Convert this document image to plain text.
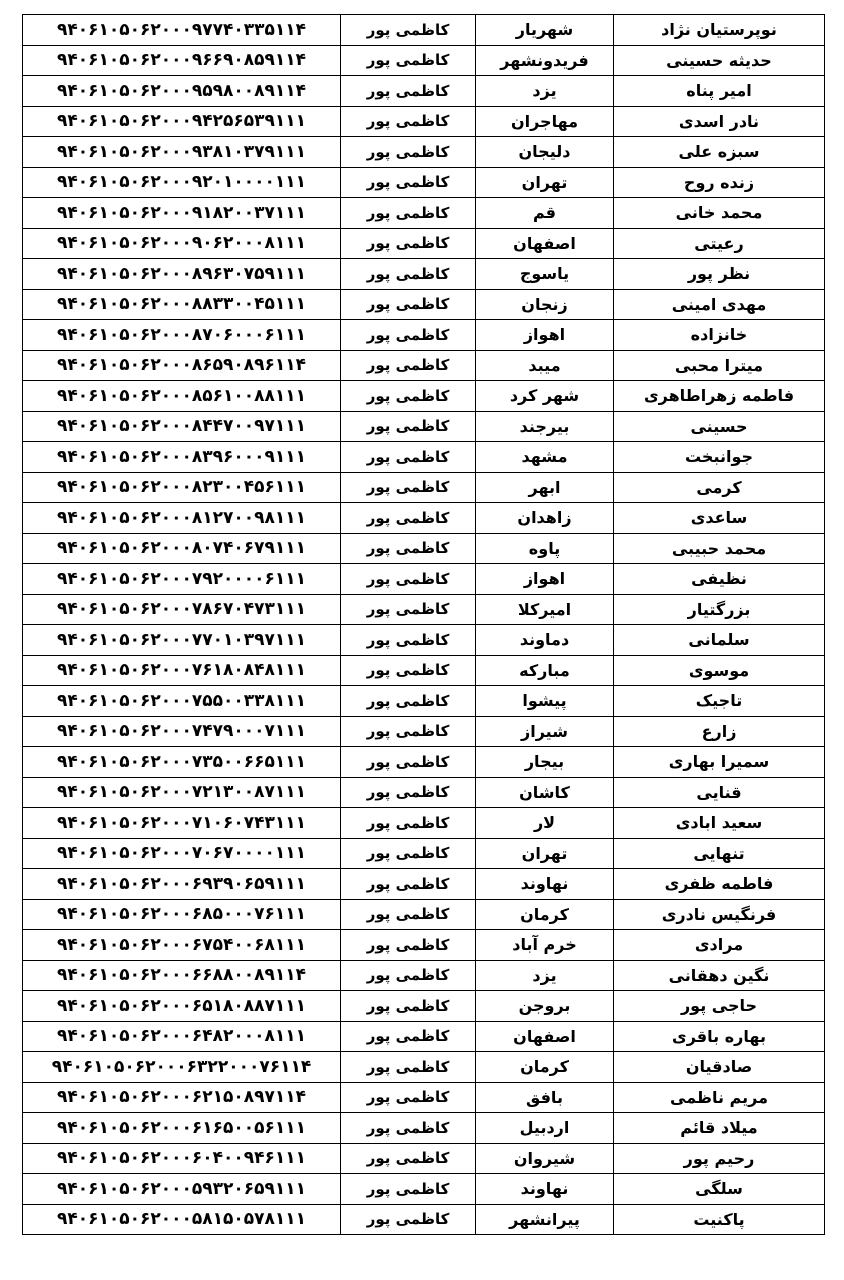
نوپرستیان نژاد	شهریار	کاظمی پور	۹۴۰۶۱۰۵۰۶۲۰۰۰۹۷۷۴۰۳۳۵۱۱۴
حدیثه حسینی	فریدونشهر	کاظمی پور	۹۴۰۶۱۰۵۰۶۲۰۰۰۹۶۶۹۰۸۵۹۱۱۴
امیر پناه	یزد	کاظمی پور	۹۴۰۶۱۰۵۰۶۲۰۰۰۹۵۹۸۰۰۸۹۱۱۴
نادر اسدی	مهاجران	کاظمی پور	۹۴۰۶۱۰۵۰۶۲۰۰۰۹۴۲۵۶۵۳۹۱۱۱
سبزه علی	دلیجان	کاظمی پور	۹۴۰۶۱۰۵۰۶۲۰۰۰۹۳۸۱۰۳۷۹۱۱۱
زنده روح	تهران	کاظمی پور	۹۴۰۶۱۰۵۰۶۲۰۰۰۹۲۰۱۰۰۰۰۱۱۱
محمد خانی	قم	کاظمی پور	۹۴۰۶۱۰۵۰۶۲۰۰۰۹۱۸۲۰۰۳۷۱۱۱
رعیتی	اصفهان	کاظمی پور	۹۴۰۶۱۰۵۰۶۲۰۰۰۹۰۶۲۰۰۰۸۱۱۱
نظر پور	یاسوج	کاظمی پور	۹۴۰۶۱۰۵۰۶۲۰۰۰۸۹۶۳۰۷۵۹۱۱۱
مهدی امینی	زنجان	کاظمی پور	۹۴۰۶۱۰۵۰۶۲۰۰۰۸۸۳۳۰۰۴۵۱۱۱
خانزاده	اهواز	کاظمی پور	۹۴۰۶۱۰۵۰۶۲۰۰۰۸۷۰۶۰۰۰۶۱۱۱
میترا محبی	میبد	کاظمی پور	۹۴۰۶۱۰۵۰۶۲۰۰۰۸۶۵۹۰۸۹۶۱۱۴
فاطمه زهراطاهری	شهر کرد	کاظمی پور	۹۴۰۶۱۰۵۰۶۲۰۰۰۸۵۶۱۰۰۸۸۱۱۱
حسینی	بیرجند	کاظمی پور	۹۴۰۶۱۰۵۰۶۲۰۰۰۸۴۴۷۰۰۹۷۱۱۱
جوانبخت	مشهد	کاظمی پور	۹۴۰۶۱۰۵۰۶۲۰۰۰۸۳۹۶۰۰۰۹۱۱۱
کرمی	ابهر	کاظمی پور	۹۴۰۶۱۰۵۰۶۲۰۰۰۸۲۳۰۰۴۵۶۱۱۱
ساعدی	زاهدان	کاظمی پور	۹۴۰۶۱۰۵۰۶۲۰۰۰۸۱۲۷۰۰۹۸۱۱۱
محمد حبیبی	پاوه	کاظمی پور	۹۴۰۶۱۰۵۰۶۲۰۰۰۸۰۷۴۰۶۷۹۱۱۱
نظیفی	اهواز	کاظمی پور	۹۴۰۶۱۰۵۰۶۲۰۰۰۷۹۲۰۰۰۰۶۱۱۱
بزرگتیار	امیرکلا	کاظمی پور	۹۴۰۶۱۰۵۰۶۲۰۰۰۷۸۶۷۰۴۷۳۱۱۱
سلمانی	دماوند	کاظمی پور	۹۴۰۶۱۰۵۰۶۲۰۰۰۷۷۰۱۰۳۹۷۱۱۱
موسوی	مبارکه	کاظمی پور	۹۴۰۶۱۰۵۰۶۲۰۰۰۷۶۱۸۰۸۴۸۱۱۱
تاجیک	پیشوا	کاظمی پور	۹۴۰۶۱۰۵۰۶۲۰۰۰۷۵۵۰۰۳۳۸۱۱۱
زارع	شیراز	کاظمی پور	۹۴۰۶۱۰۵۰۶۲۰۰۰۷۴۷۹۰۰۰۷۱۱۱
سمیرا بهاری	بیجار	کاظمی پور	۹۴۰۶۱۰۵۰۶۲۰۰۰۷۳۵۰۰۶۶۵۱۱۱
قنایی	کاشان	کاظمی پور	۹۴۰۶۱۰۵۰۶۲۰۰۰۷۲۱۳۰۰۸۷۱۱۱
سعید ابادی	لار	کاظمی پور	۹۴۰۶۱۰۵۰۶۲۰۰۰۷۱۰۶۰۷۴۳۱۱۱
تنهایی	تهران	کاظمی پور	۹۴۰۶۱۰۵۰۶۲۰۰۰۷۰۶۷۰۰۰۰۱۱۱
فاطمه ظفری	نهاوند	کاظمی پور	۹۴۰۶۱۰۵۰۶۲۰۰۰۶۹۳۹۰۶۵۹۱۱۱
فرنگیس نادری	کرمان	کاظمی پور	۹۴۰۶۱۰۵۰۶۲۰۰۰۶۸۵۰۰۰۷۶۱۱۱
مرادی	خرم آباد	کاظمی پور	۹۴۰۶۱۰۵۰۶۲۰۰۰۶۷۵۴۰۰۶۸۱۱۱
نگین دهقانی	یزد	کاظمی پور	۹۴۰۶۱۰۵۰۶۲۰۰۰۶۶۸۸۰۰۸۹۱۱۴
حاجی پور	بروجن	کاظمی پور	۹۴۰۶۱۰۵۰۶۲۰۰۰۶۵۱۸۰۸۸۷۱۱۱
بهاره باقری	اصفهان	کاظمی پور	۹۴۰۶۱۰۵۰۶۲۰۰۰۶۴۸۲۰۰۰۸۱۱۱
صادقیان	کرمان	کاظمی پور	۹۴۰۶۱۰۵۰۶۲۰۰۰۶۳۲۲۰۰۰۷۶۱۱۴
مریم ناظمی	بافق	کاظمی پور	۹۴۰۶۱۰۵۰۶۲۰۰۰۶۲۱۵۰۸۹۷۱۱۴
میلاد قائم	اردبیل	کاظمی پور	۹۴۰۶۱۰۵۰۶۲۰۰۰۶۱۶۵۰۰۵۶۱۱۱
رحیم پور	شیروان	کاظمی پور	۹۴۰۶۱۰۵۰۶۲۰۰۰۶۰۴۰۰۹۴۶۱۱۱
سلگی	نهاوند	کاظمی پور	۹۴۰۶۱۰۵۰۶۲۰۰۰۵۹۳۲۰۶۵۹۱۱۱
پاکنیت	پیرانشهر	کاظمی پور	۹۴۰۶۱۰۵۰۶۲۰۰۰۵۸۱۵۰۵۷۸۱۱۱
